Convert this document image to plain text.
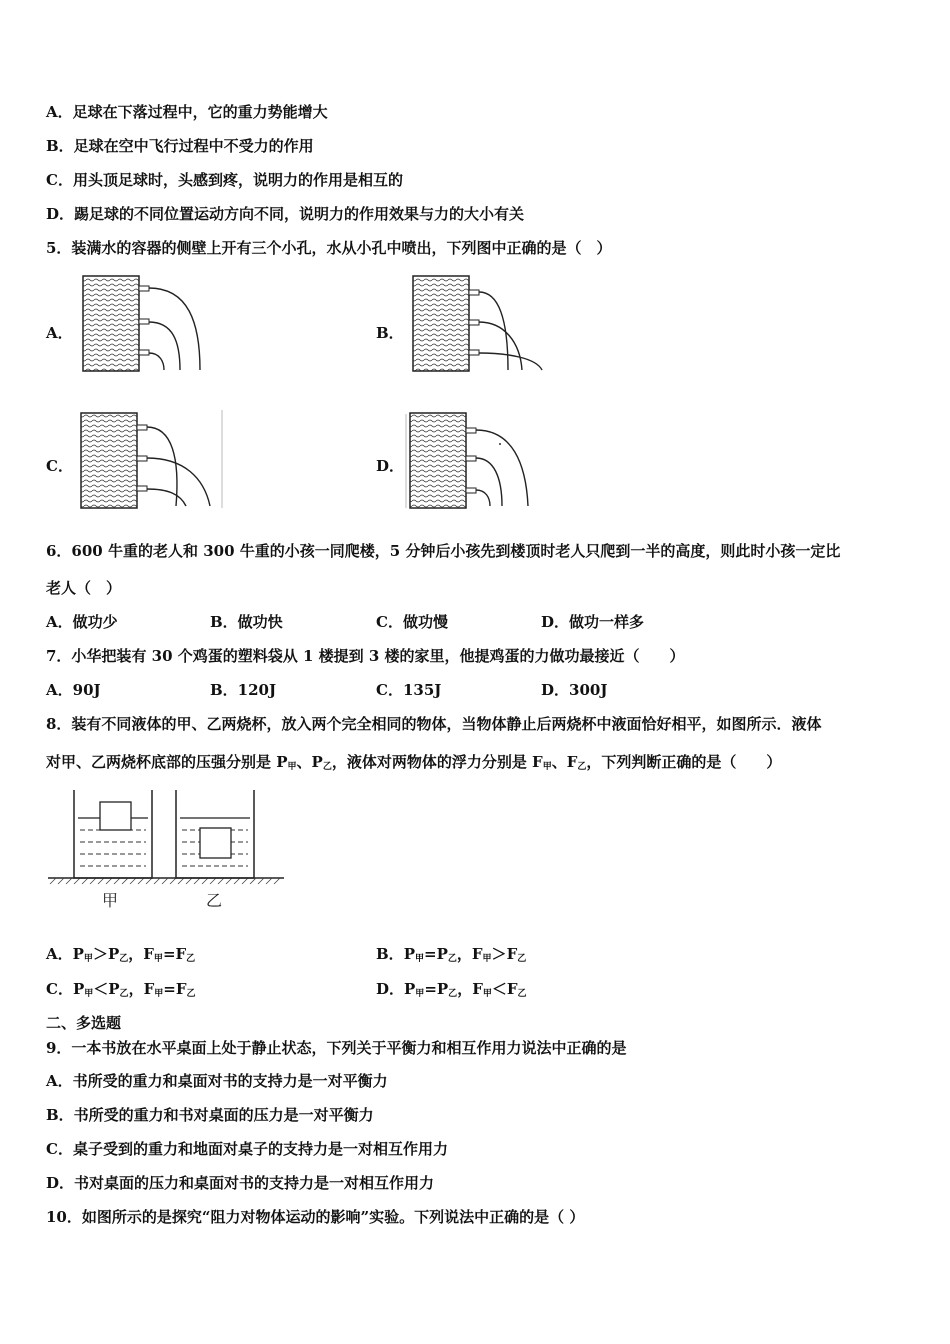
A．足球在下落过程中，它的重力势能增大
B．足球在空中飞行过程中不受力的作用
C．用头顶足球时，头感到疼，说明力的作用是相互的
D．踢足球的不同位置运动方向不同，说明力的作用效果与力的大小有关
5．装满水的容器的侧壁上开有三个小孔，水从小孔中喷出，下列图中正确的是（　）
A．	B．
C．	D．
6．600 牛重的老人和 300 牛重的小孩一同爬楼，5 分钟后小孩先到楼顶时老人只爬到一半的高度，则此时小孩一定比
老人（　）
A．做功少	B．做功快	C．做功慢	D．做功一样多
7．小华把装有 30 个鸡蛋的塑料袋从 1 楼提到 3 楼的家里，他提鸡蛋的力做功最接近（　　）
A．90J	B．120J	C．135J	D．300J
8．装有不同液体的甲、乙两烧杯，放入两个完全相同的物体，当物体静止后两烧杯中液面恰好相平，如图所示．液体
对甲、乙两烧杯底部的压强分别是 $P_甲$、$P_乙$，液体对两物体的浮力分别是 $F_甲$、$F_乙$，下列判断正确的是（　　）
甲	乙
A．$P_甲>P_乙$，$F_甲=F_乙$	B．$P_甲=P_乙$，$F_甲>F_乙$
C．$P_甲<P_乙$，$F_甲=F_乙$	D．$P_甲=P_乙$，$F_甲<F_乙$
二、多选题
9．一本书放在水平桌面上处于静止状态，下列关于平衡力和相互作用力说法中正确的是
A．书所受的重力和桌面对书的支持力是一对平衡力
B．书所受的重力和书对桌面的压力是一对平衡力
C．桌子受到的重力和地面对桌子的支持力是一对相互作用力
D．书对桌面的压力和桌面对书的支持力是一对相互作用力
10．如图所示的是探究“阻力对物体运动的影响”实验。下列说法中正确的是（ ）
